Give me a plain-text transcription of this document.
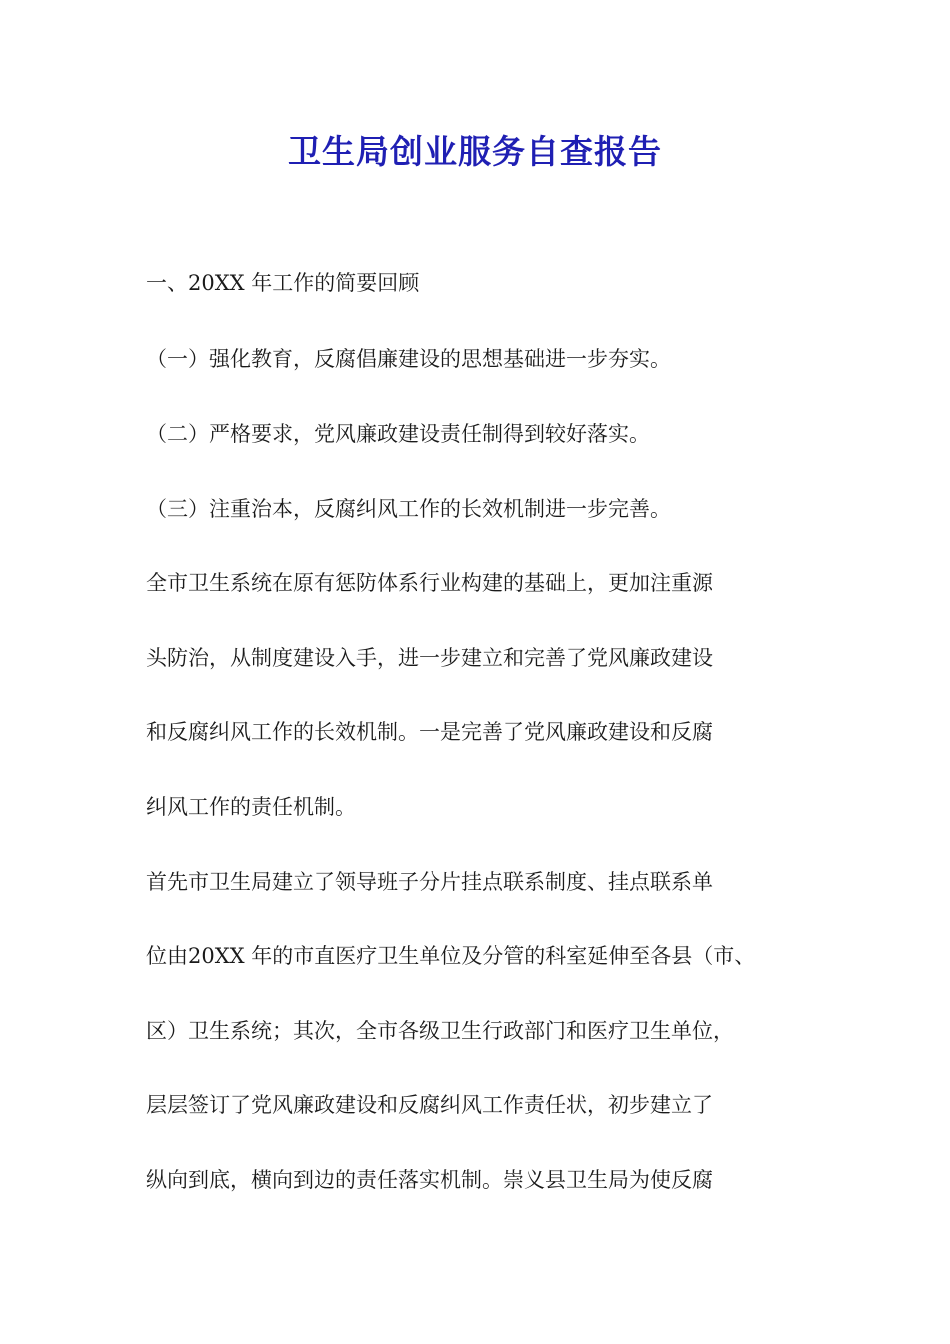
卫生局创业服务自查报告
一、20XX 年工作的简要回顾
（一）强化教育，反腐倡廉建设的思想基础进一步夯实。
（二）严格要求，党风廉政建设责任制得到较好落实。
（三）注重治本，反腐纠风工作的长效机制进一步完善。
全市卫生系统在原有惩防体系行业构建的基础上，更加注重源
头防治，从制度建设入手，进一步建立和完善了党风廉政建设
和反腐纠风工作的长效机制。一是完善了党风廉政建设和反腐
纠风工作的责任机制。
首先市卫生局建立了领导班子分片挂点联系制度、挂点联系单
位由20XX 年的市直医疗卫生单位及分管的科室延伸至各县（市、
区）卫生系统；其次，全市各级卫生行政部门和医疗卫生单位，
层层签订了党风廉政建设和反腐纠风工作责任状，初步建立了
纵向到底，横向到边的责任落实机制。崇义县卫生局为使反腐
